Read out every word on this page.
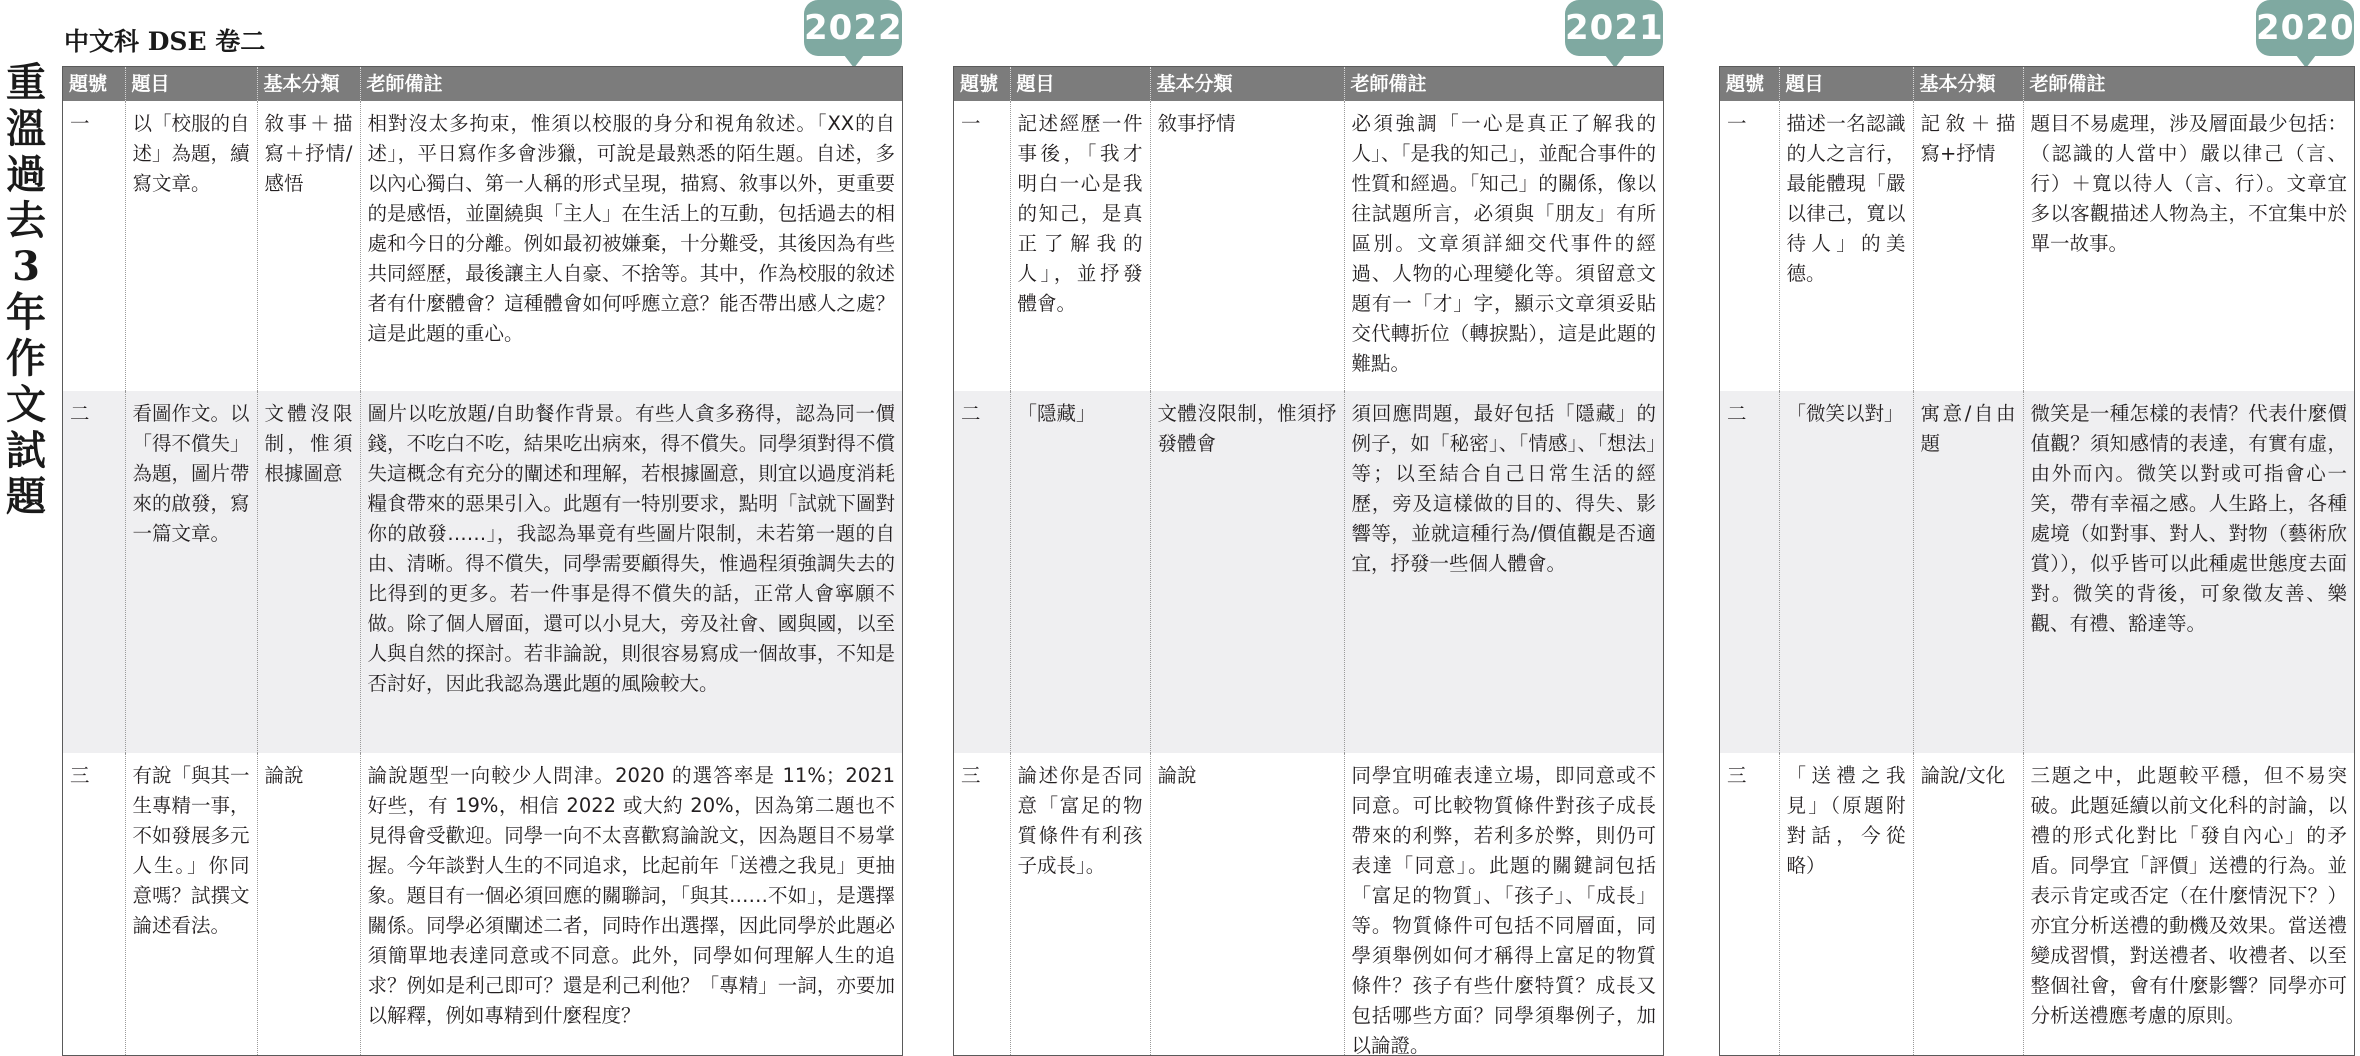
中文科 DSE 卷二
重
溫
過
去
3
年
作
文
試
題
2022	2021	2020
題號	題目	基本分類	老師備註
一	以「校服的自述」為題，續寫文章。	敘事＋描寫＋抒情/感悟	相對沒太多拘束，惟須以校服的身分和視角敘述。「XX的自述」，平日寫作多會涉獵，可說是最熟悉的陌生題。自述，多以內心獨白、第一人稱的形式呈現，描寫、敘事以外，更重要的是感悟，並圍繞與「主人」在生活上的互動，包括過去的相處和今日的分離。例如最初被嫌棄，十分難受，其後因為有些共同經歷，最後讓主人自豪、不捨等。其中，作為校服的敘述者有什麼體會？這種體會如何呼應立意？能否帶出感人之處？這是此題的重心。
二	看圖作文。以「得不償失」為題，圖片帶來的啟發，寫一篇文章。	文體沒限制，惟須根據圖意	圖片以吃放題/自助餐作背景。有些人貪多務得，認為同一價錢，不吃白不吃，結果吃出病來，得不償失。同學須對得不償失這概念有充分的闡述和理解，若根據圖意，則宜以過度消耗糧食帶來的惡果引入。此題有一特別要求，點明「試就下圖對你的啟發……」，我認為畢竟有些圖片限制，未若第一題的自由、清晰。得不償失，同學需要顧得失，惟過程須強調失去的比得到的更多。若一件事是得不償失的話，正常人會寧願不做。除了個人層面，還可以小見大，旁及社會、國與國，以至人與自然的探討。若非論說，則很容易寫成一個故事，不知是否討好，因此我認為選此題的風險較大。
三	有說「與其一生專精一事，不如發展多元人生。」你同意嗎？試撰文論述看法。	論說	論說題型一向較少人問津。2020 的選答率是 11%；2021 好些，有 19%，相信 2022 或大約 20%，因為第二題也不見得會受歡迎。同學一向不太喜歡寫論說文，因為題目不易掌握。今年談對人生的不同追求，比起前年「送禮之我見」更抽象。題目有一個必須回應的關聯詞，「與其……不如」，是選擇關係。同學必須闡述二者，同時作出選擇，因此同學於此題必須簡單地表達同意或不同意。此外，同學如何理解人生的追求？例如是利己即可？還是利己利他？「專精」一詞，亦要加以解釋，例如專精到什麼程度？
題號	題目	基本分類	老師備註
一	記述經歷一件事後，「我才明白一心是我的知己，是真正了解我的人」，並抒發體會。	敘事抒情	必須強調「一心是真正了解我的人」、「是我的知己」，並配合事件的性質和經過。「知己」的關係，像以往試題所言，必須與「朋友」有所區別。文章須詳細交代事件的經過、人物的心理變化等。須留意文題有一「才」字，顯示文章須妥貼交代轉折位（轉捩點），這是此題的難點。
二	「隱藏」	文體沒限制，惟須抒發體會	須回應問題，最好包括「隱藏」的例子，如「秘密」、「情感」、「想法」等；以至結合自己日常生活的經歷，旁及這樣做的目的、得失、影響等，並就這種行為/價值觀是否適宜，抒發一些個人體會。
三	論述你是否同意「富足的物質條件有利孩子成長」。	論說	同學宜明確表達立場，即同意或不同意。可比較物質條件對孩子成長帶來的利弊，若利多於弊，則仍可表達「同意」。此題的關鍵詞包括「富足的物質」、「孩子」、「成長」等。物質條件可包括不同層面，同學須舉例如何才稱得上富足的物質條件？孩子有些什麼特質？成長又包括哪些方面？同學須舉例子，加以論證。
題號	題目	基本分類	老師備註
一	描述一名認識的人之言行，最能體現「嚴以律己，寬以待人」的美德。	記敘＋描寫+抒情	題目不易處理，涉及層面最少包括：（認識的人當中）嚴以律己（言、行）＋寬以待人（言、行）。文章宜多以客觀描述人物為主，不宜集中於單一故事。
二	「微笑以對」	寓意/自由題	微笑是一種怎樣的表情？代表什麼價值觀？須知感情的表達，有實有虛，由外而內。微笑以對或可指會心一笑，帶有幸福之感。人生路上，各種處境（如對事、對人、對物（藝術欣賞）），似乎皆可以此種處世態度去面對。微笑的背後，可象徵友善、樂觀、有禮、豁達等。
三	「送禮之我見」（原題附對話，今從略）	論說/文化	三題之中，此題較平穩，但不易突破。此題延續以前文化科的討論，以禮的形式化對比「發自內心」的矛盾。同學宜「評價」送禮的行為。並表示肯定或否定（在什麼情況下？）亦宜分析送禮的動機及效果。當送禮變成習慣，對送禮者、收禮者、以至整個社會，會有什麼影響？同學亦可分析送禮應考慮的原則。
